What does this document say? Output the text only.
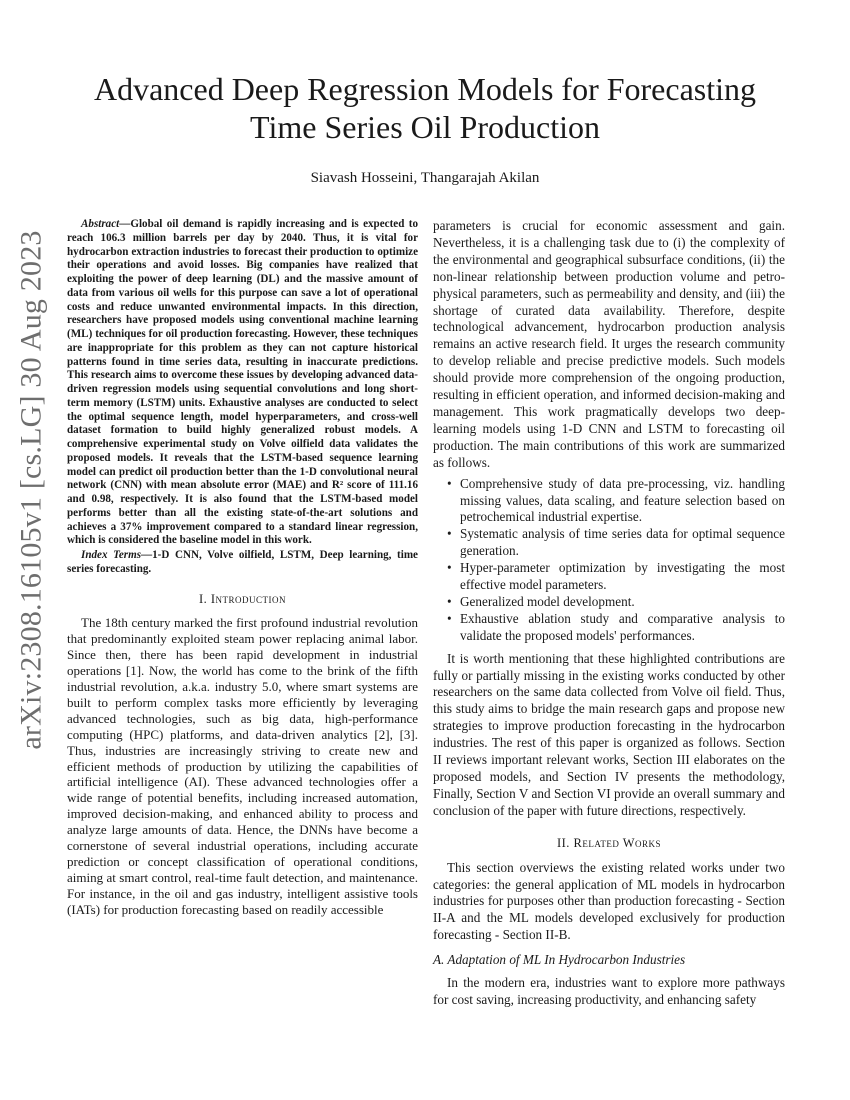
arXiv:2308.16105v1 [cs.LG] 30 Aug 2023
Advanced Deep Regression Models for Forecasting Time Series Oil Production
Siavash Hosseini, Thangarajah Akilan

Abstract—Global oil demand is rapidly increasing and is expected to reach 106.3 million barrels per day by 2040. Thus, it is vital for hydrocarbon extraction industries to forecast their production to optimize their operations and avoid losses. Big companies have realized that exploiting the power of deep learning (DL) and the massive amount of data from various oil wells for this purpose can save a lot of operational costs and reduce unwanted environmental impacts. In this direction, researchers have proposed models using conventional machine learning (ML) techniques for oil production forecasting. However, these techniques are inappropriate for this problem as they can not capture historical patterns found in time series data, resulting in inaccurate predictions. This research aims to overcome these issues by developing advanced data-driven regression models using sequential convolutions and long short-term memory (LSTM) units. Exhaustive analyses are conducted to select the optimal sequence length, model hyperparameters, and cross-well dataset formation to build highly generalized robust models. A comprehensive experimental study on Volve oilfield data validates the proposed models. It reveals that the LSTM-based sequence learning model can predict oil production better than the 1-D convolutional neural network (CNN) with mean absolute error (MAE) and R² score of 111.16 and 0.98, respectively. It is also found that the LSTM-based model performs better than all the existing state-of-the-art solutions and achieves a 37% improvement compared to a standard linear regression, which is considered the baseline model in this work.

Index Terms—1-D CNN, Volve oilfield, LSTM, Deep learning, time series forecasting.

I. Introduction

The 18th century marked the first profound industrial revolution that predominantly exploited steam power replacing animal labor. Since then, there has been rapid development in industrial operations [1]. Now, the world has come to the brink of the fifth industrial revolution, a.k.a. industry 5.0, where smart systems are built to perform complex tasks more efficiently by leveraging advanced technologies, such as big data, high-performance computing (HPC) platforms, and data-driven analytics [2], [3]. Thus, industries are increasingly striving to create new and efficient methods of production by utilizing the capabilities of artificial intelligence (AI). These advanced technologies offer a wide range of potential benefits, including increased automation, improved decision-making, and enhanced ability to process and analyze large amounts of data. Hence, the DNNs have become a cornerstone of several industrial operations, including accurate prediction or concept classification of operational conditions, aiming at smart control, real-time fault detection, and maintenance. For instance, in the oil and gas industry, intelligent assistive tools (IATs) for production forecasting based on readily accessible

parameters is crucial for economic assessment and gain. Nevertheless, it is a challenging task due to (i) the complexity of the environmental and geographical subsurface conditions, (ii) the non-linear relationship between production volume and petro-physical parameters, such as permeability and density, and (iii) the shortage of curated data availability. Therefore, despite technological advancement, hydrocarbon production analysis remains an active research field. It urges the research community to develop reliable and precise predictive models. Such models should provide more comprehension of the ongoing production, resulting in efficient operation, and informed decision-making and management. This work pragmatically develops two deep-learning models using 1-D CNN and LSTM to forecasting oil production. The main contributions of this work are summarized as follows.

• Comprehensive study of data pre-processing, viz. handling missing values, data scaling, and feature selection based on petrochemical industrial expertise.
• Systematic analysis of time series data for optimal sequence generation.
• Hyper-parameter optimization by investigating the most effective model parameters.
• Generalized model development.
• Exhaustive ablation study and comparative analysis to validate the proposed models' performances.

It is worth mentioning that these highlighted contributions are fully or partially missing in the existing works conducted by other researchers on the same data collected from Volve oil field. Thus, this study aims to bridge the main research gaps and propose new strategies to improve production forecasting in the hydrocarbon industries. The rest of this paper is organized as follows. Section II reviews important relevant works, Section III elaborates on the proposed models, and Section IV presents the methodology, Finally, Section V and Section VI provide an overall summary and conclusion of the paper with future directions, respectively.

II. Related Works

This section overviews the existing related works under two categories: the general application of ML models in hydrocarbon industries for purposes other than production forecasting - Section II-A and the ML models developed exclusively for production forecasting - Section II-B.

A. Adaptation of ML In Hydrocarbon Industries

In the modern era, industries want to explore more pathways for cost saving, increasing productivity, and enhancing safety
